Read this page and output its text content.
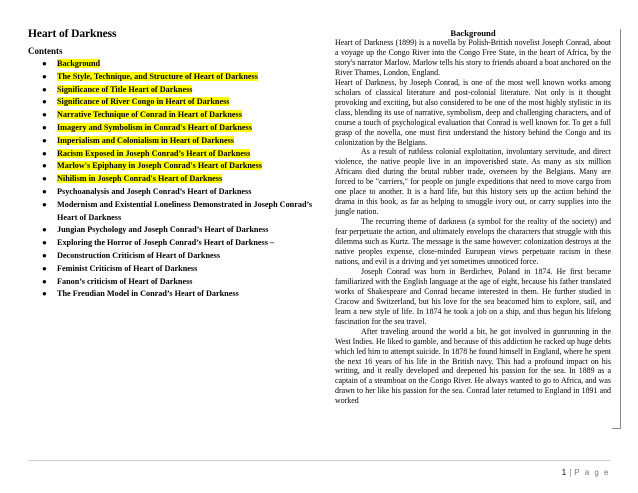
Heart of Darkness
Contents
● Background
● The Style, Technique, and Structure of Heart of Darkness
● Significance of Title Heart of Darkness
● Significance of River Congo in Heart of Darkness
● Narrative Technique of Conrad in Heart of Darkness
● Imagery and Symbolism in Conrad's Heart of Darkness
● Imperialism and Colonialism in Heart of Darkness
● Racism Exposed in Joseph Conrad’s Heart of Darkness
● Marlow's Epiphany in Joseph Conrad's Heart of Darkness
● Nihilism in Joseph Conrad's Heart of Darkness
● Psychoanalysis and Joseph Conrad’s Heart of Darkness
● Modernism and Existential Loneliness Demonstrated in Joseph Conrad’s Heart of Darkness
● Jungian Psychology and Joseph Conrad’s Heart of Darkness
● Exploring the Horror of Joseph Conrad’s Heart of Darkness –
● Deconstruction Criticism of Heart of Darkness
● Feminist Criticism of Heart of Darkness
● Fanon’s criticism of Heart of Darkness
● The Freudian Model in Conrad’s Heart of Darkness
Background

Heart of Darkness (1899) is a novella by Polish-British novelist Joseph Conrad, about a voyage up the Congo River into the Congo Free State, in the heart of Africa, by the story's narrator Marlow. Marlow tells his story to friends aboard a boat anchored on the River Thames, London, England.

Heart of Darkness, by Joseph Conrad, is one of the most well known works among scholars of classical literature and post-colonial literature. Not only is it thought provoking and exciting, but also considered to be one of the most highly stylistic in its class, blending its use of narrative, symbolism, deep and challenging characters, and of course a touch of psychological evaluation that Conrad is well known for. To get a full grasp of the novella, one must first understand the history behind the Congo and its colonization by the Belgians.

As a result of ruthless colonial exploitation, involuntary servitude, and direct violence, the native people live in an impoverished state. As many as six million Africans died during the brutal rubber trade, overseen by the Belgians. Many are forced to be "carriers," for people on jungle expeditions that need to move cargo from one place to another. It is a hard life, but this history sets up the action behind the drama in this book, as far as helping to smuggle ivory out, or carry supplies into the jungle nation.

The recurring theme of darkness (a symbol for the reality of the society) and fear perpetuate the action, and ultimately envelops the characters that struggle with this dilemma such as Kurtz. The message is the same however: colonization destroys at the native peoples expense, close-minded European views perpetuate racism in these nations, and evil is a driving and yet sometimes unnoticed force.

Joseph Conrad was born in Berdichev, Poland in 1874. He first became familiarized with the English language at the age of eight, because his father translated works of Shakespeare and Conrad became interested in them. He further studied in Cracow and Switzerland, but his love for the sea beacomed him to explore, sail, and learn a new style of life. In 1874 he took a job on a ship, and thus begun his lifelong fascination for the sea travel.

After traveling around the world a bit, he got involved in gunrunning in the West Indies. He liked to gamble, and because of this addiction he racked up huge debts which led him to attempt suicide. In 1878 he found himself in England, where he spent the next 16 years of his life in the British navy. This had a profound impact on his writing, and it really developed and deepened his passion for the sea. In 1889 as a captain of a steamboat on the Congo River. He always wanted to go to Africa, and was drawn to her like his passion for the sea. Conrad later returned to England in 1891 and worked

1 | P a g e
